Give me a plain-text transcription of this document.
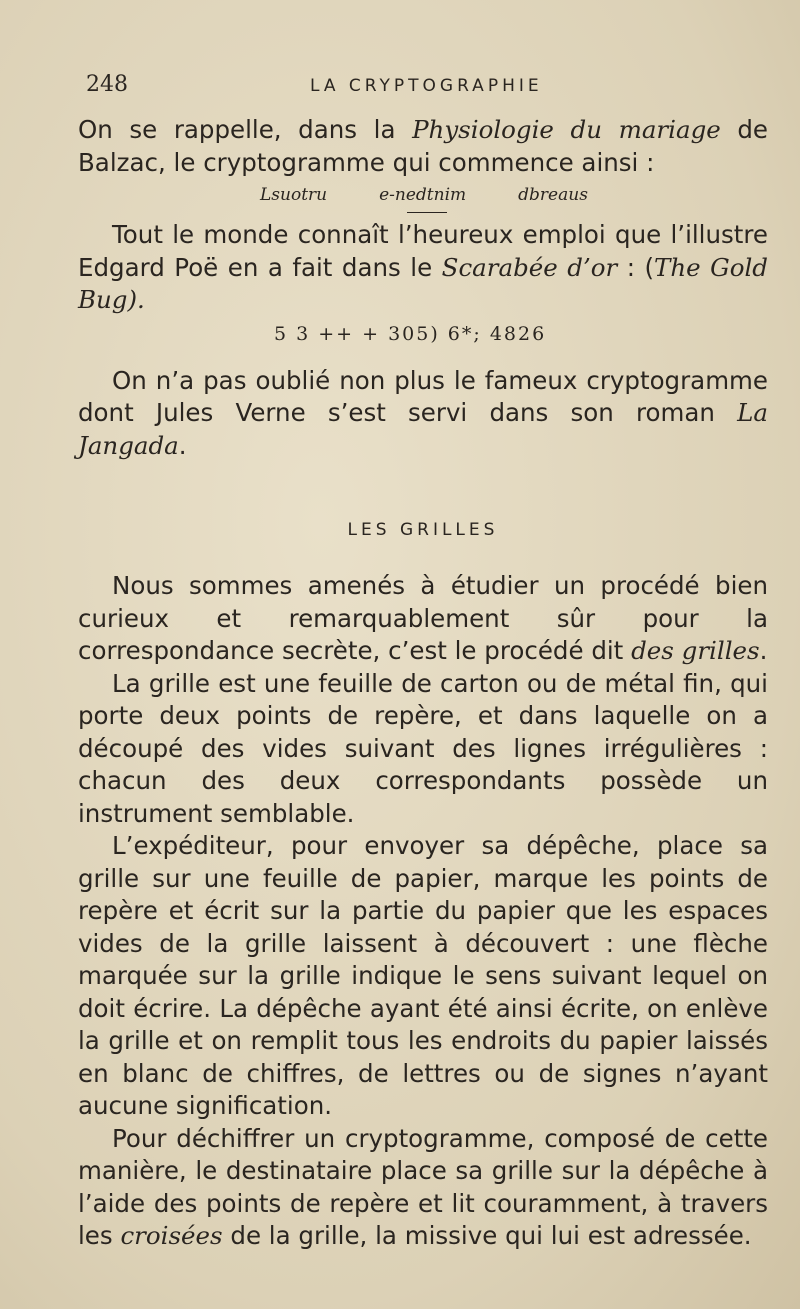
248	LA CRYPTOGRAPHIE

On se rappelle, dans la Physiologie du mariage de Balzac, le cryptogramme qui commence ainsi :

Lsuotru	e-nedtnim	dbreaus

Tout le monde connaît l’heureux emploi que l’illustre Edgard Poë en a fait dans le Scarabée d’or : (The Gold Bug).

5 3 ++ + 305) 6*; 4826

On n’a pas oublié non plus le fameux cryptogramme dont Jules Verne s’est servi dans son roman La Jangada.

LES GRILLES

Nous sommes amenés à étudier un procédé bien curieux et remarquablement sûr pour la correspondance secrète, c’est le procédé dit des grilles.

La grille est une feuille de carton ou de métal fin, qui porte deux points de repère, et dans laquelle on a découpé des vides suivant des lignes irrégulières : chacun des deux correspondants possède un instrument semblable.

L’expéditeur, pour envoyer sa dépêche, place sa grille sur une feuille de papier, marque les points de repère et écrit sur la partie du papier que les espaces vides de la grille laissent à découvert : une flèche marquée sur la grille indique le sens suivant lequel on doit écrire. La dépêche ayant été ainsi écrite, on enlève la grille et on remplit tous les endroits du papier laissés en blanc de chiffres, de lettres ou de signes n’ayant aucune signification.

Pour déchiffrer un cryptogramme, composé de cette manière, le destinataire place sa grille sur la dépêche à l’aide des points de repère et lit couramment, à travers les croisées de la grille, la missive qui lui est adressée.
